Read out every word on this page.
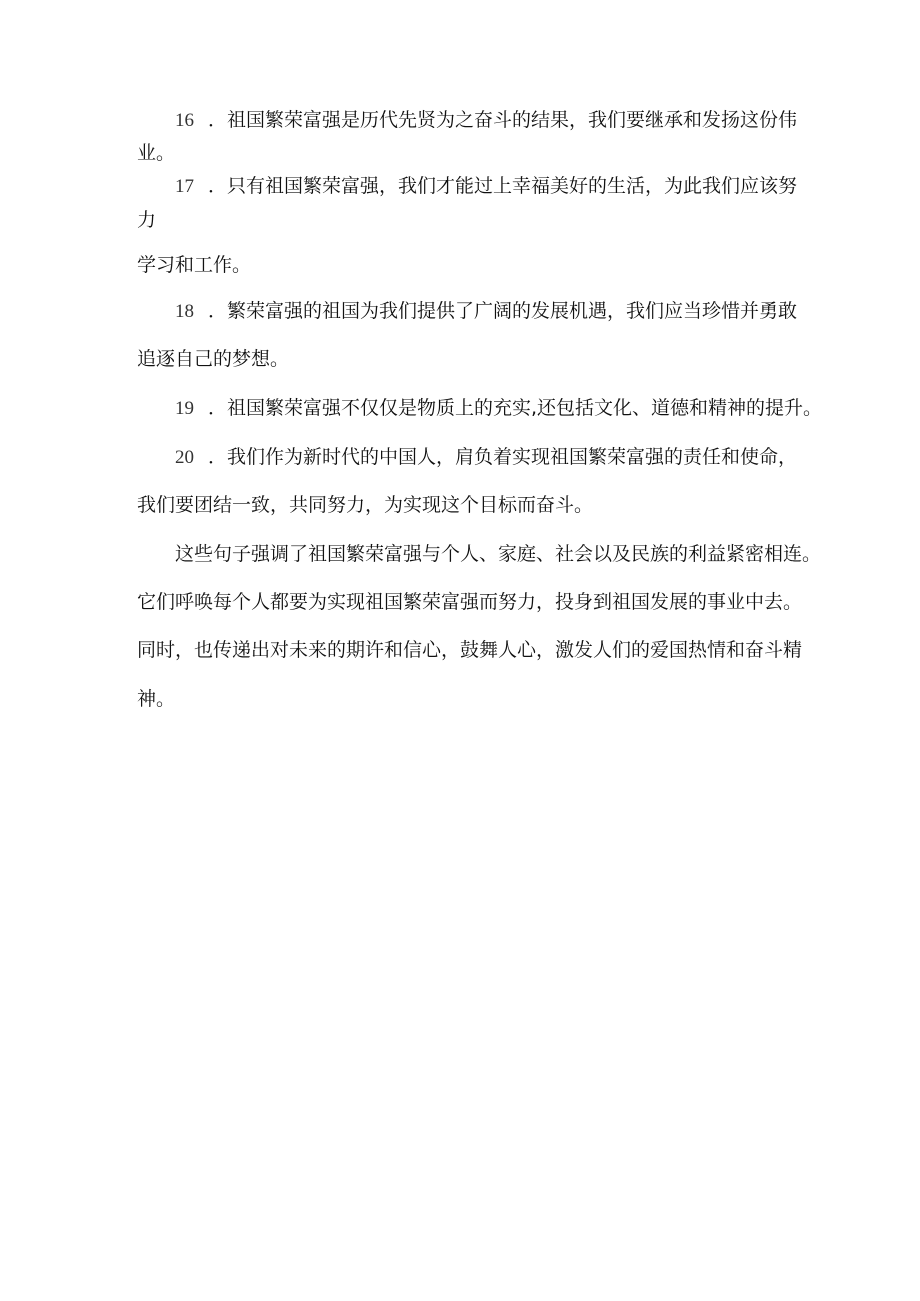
16 ．祖国繁荣富强是历代先贤为之奋斗的结果，我们要继承和发扬这份伟
业。
17 ．只有祖国繁荣富强，我们才能过上幸福美好的生活，为此我们应该努
力
学习和工作。
18 ．繁荣富强的祖国为我们提供了广阔的发展机遇，我们应当珍惜并勇敢
追逐自己的梦想。
19 ．祖国繁荣富强不仅仅是物质上的充实,还包括文化、道德和精神的提升。
20 ．我们作为新时代的中国人，肩负着实现祖国繁荣富强的责任和使命，
我们要团结一致，共同努力，为实现这个目标而奋斗。
这些句子强调了祖国繁荣富强与个人、家庭、社会以及民族的利益紧密相连。
它们呼唤每个人都要为实现祖国繁荣富强而努力，投身到祖国发展的事业中去。
同时，也传递出对未来的期许和信心，鼓舞人心，激发人们的爱国热情和奋斗精
神。
